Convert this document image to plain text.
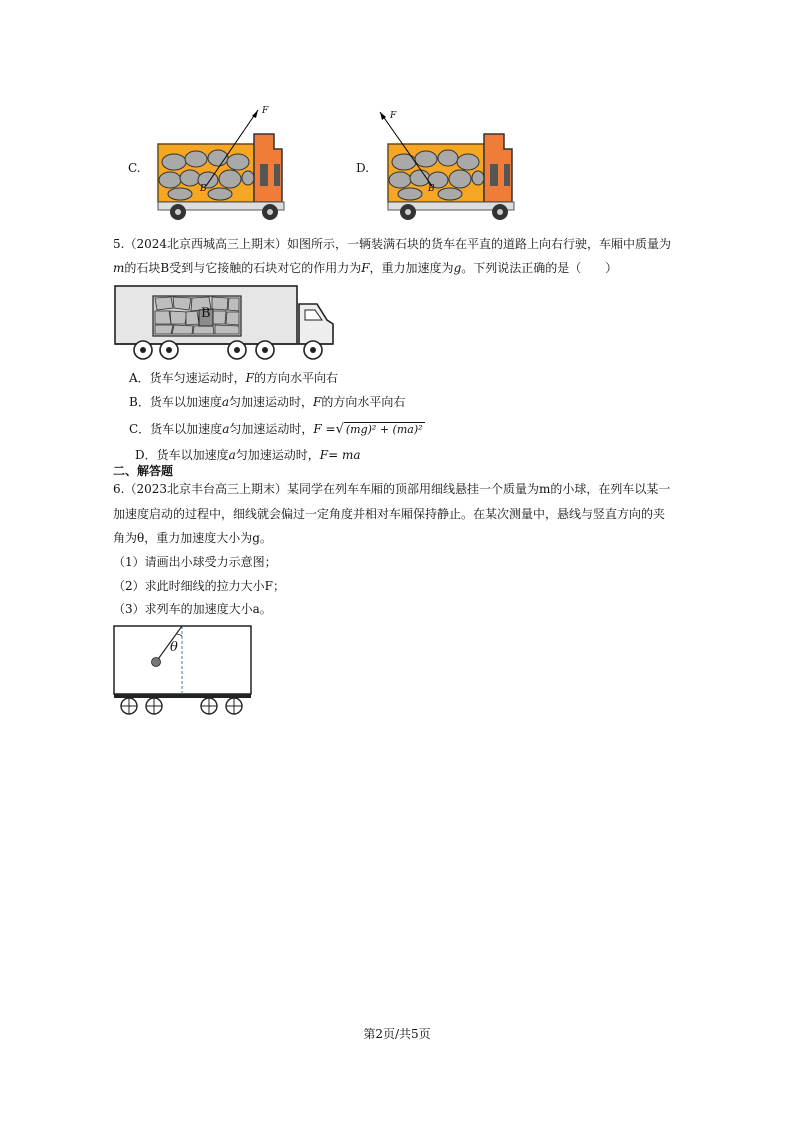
C.
F
B
D.
F
B
5.（2024北京西城高三上期末）如图所示，一辆装满石块的货车在平直的道路上向右行驶，车厢中质量为
m的石块B受到与它接触的石块对它的作用力为F，重力加速度为g。下列说法正确的是（　　）
B
A．货车匀速运动时，F的方向水平向右
B．货车以加速度a匀加速运动时，F的方向水平向右
C．货车以加速度a匀加速运动时，F =√ (mg)² + (ma)²
D．货车以加速度a匀加速运动时，F= ma
二、解答题
6.（2023北京丰台高三上期末）某同学在列车车厢的顶部用细线悬挂一个质量为m的小球，在列车以某一
加速度启动的过程中，细线就会偏过一定角度并相对车厢保持静止。在某次测量中，悬线与竖直方向的夹
角为θ，重力加速度大小为g。
（1）请画出小球受力示意图；
（2）求此时细线的拉力大小F；
（3）求列车的加速度大小a。
θ
第2页/共5页
